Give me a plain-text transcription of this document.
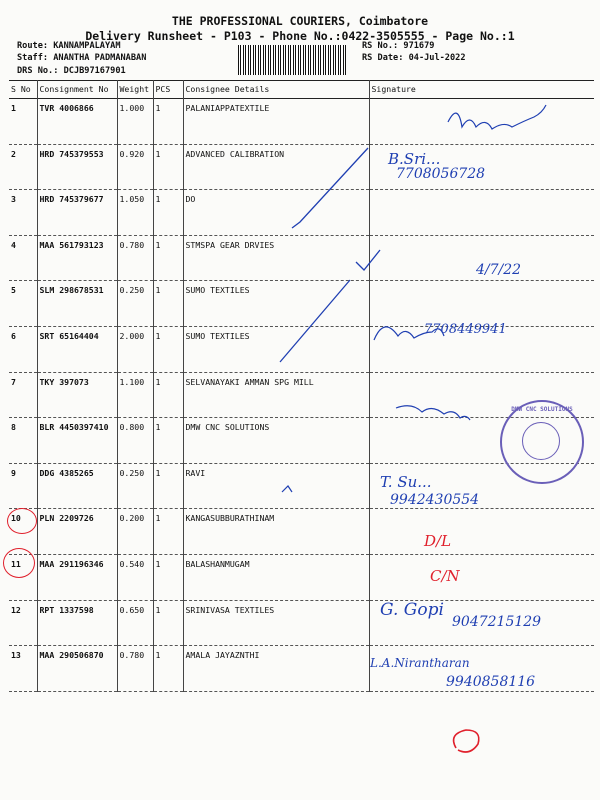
THE PROFESSIONAL COURIERS, Coimbatore
Delivery Runsheet - P103 - Phone No.:0422-3505555 - Page No.:1
Route: KANNAMPALAYAM
Staff: ANANTHA PADMANABAN
DRS No.: DCJB97167901
RS No.: 971679
RS Date: 04-Jul-2022
S No	Consignment No	Weight	PCS	Consignee Details	Signature
1	TVR 4006866	1.000	1	PALANIAPPATEXTILE	
2	HRD 745379553	0.920	1	ADVANCED CALIBRATION	
3	HRD 745379677	1.050	1	DO	
4	MAA 561793123	0.780	1	STMSPA GEAR DRVIES	
5	SLM 298678531	0.250	1	SUMO TEXTILES	
6	SRT 65164404	2.000	1	SUMO TEXTILES	
7	TKY 397073	1.100	1	SELVANAYAKI AMMAN SPG MILL	
8	BLR 4450397410	0.800	1	DMW CNC SOLUTIONS	
9	DDG 4385265	0.250	1	RAVI	
10	PLN 2209726	0.200	1	KANGASUBBURATHINAM	
11	MAA 291196346	0.540	1	BALASHANMUGAM	
12	RPT 1337598	0.650	1	SRINIVASA TEXTILES	
13	MAA 290506870	0.780	1	AMALA JAYAZNTHI	
B.Sri...
7708056728
4/7/22
7708449941
T. Su...
9942430554
D/L
C/N
G. Gopi
9047215129
L.A.Nirantharan
9940858116
DMW CNC SOLUTIONS
